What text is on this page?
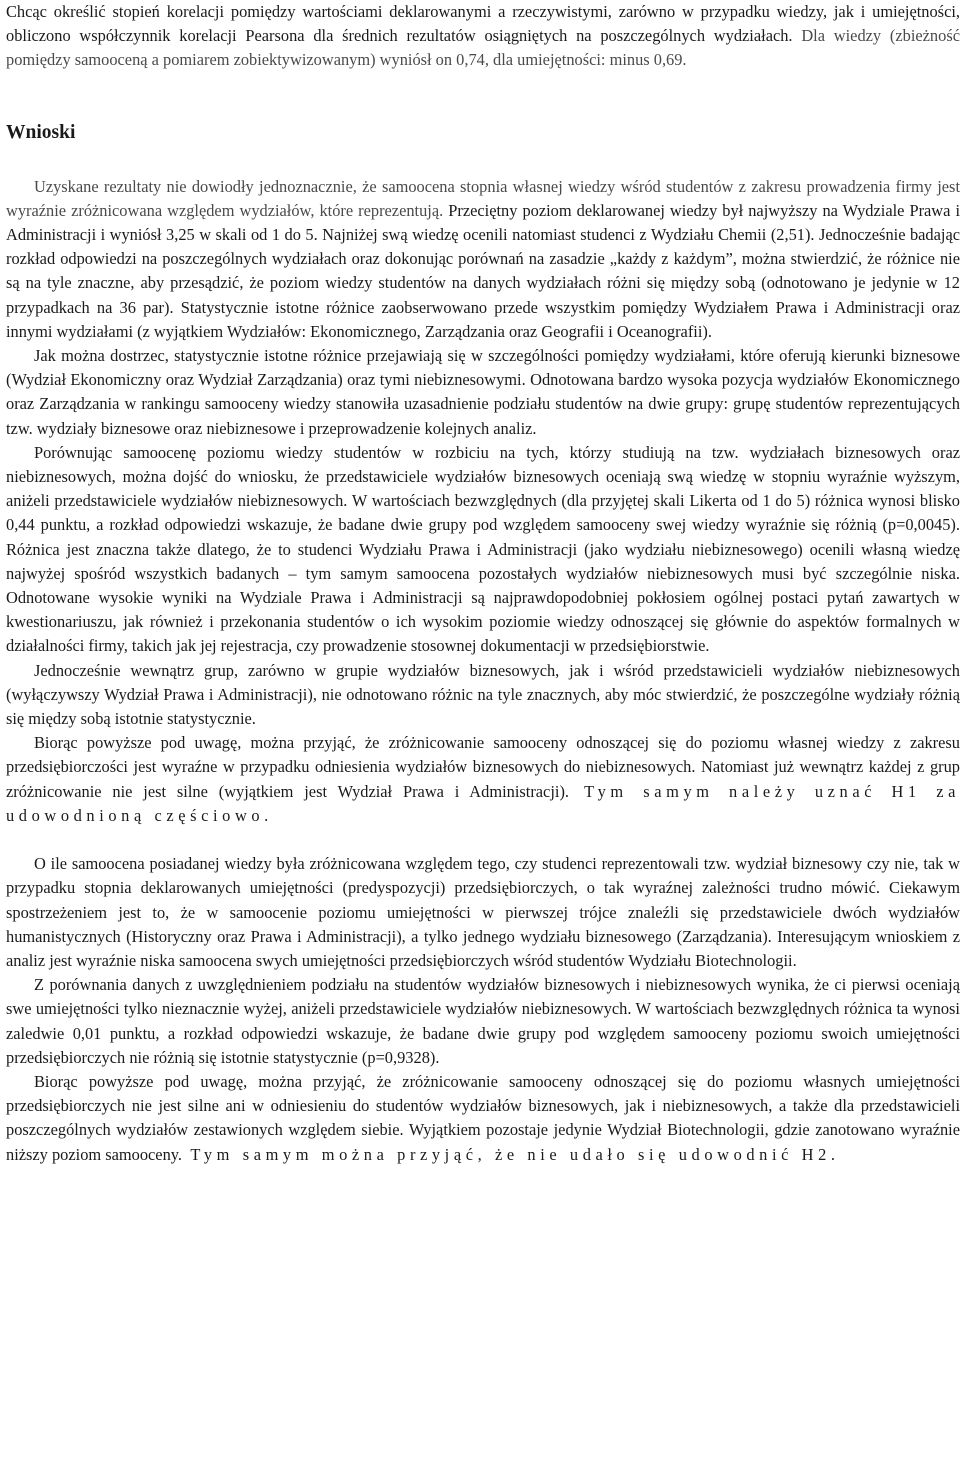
Chcąc określić stopień korelacji pomiędzy wartościami deklarowanymi a rzeczywistymi, zarówno w przypadku wiedzy, jak i umiejętności, obliczono współczynnik korelacji Pearsona dla średnich rezultatów osiągniętych na poszczególnych wydziałach. Dla wiedzy (zbieżność pomiędzy samooceną a pomiarem zobiektywizowanym) wyniósł on 0,74, dla umiejętności: minus 0,69.

Wnioski

Uzyskane rezultaty nie dowiodły jednoznacznie, że samoocena stopnia własnej wiedzy wśród studentów z zakresu prowadzenia firmy jest wyraźnie zróżnicowana względem wydziałów, które reprezentują. Przeciętny poziom deklarowanej wiedzy był najwyższy na Wydziale Prawa i Administracji i wyniósł 3,25 w skali od 1 do 5. Najniżej swą wiedzę ocenili natomiast studenci z Wydziału Chemii (2,51). Jednocześnie badając rozkład odpowiedzi na poszczególnych wydziałach oraz dokonując porównań na zasadzie „każdy z każdym”, można stwierdzić, że różnice nie są na tyle znaczne, aby przesądzić, że poziom wiedzy studentów na danych wydziałach różni się między sobą (odnotowano je jedynie w 12 przypadkach na 36 par). Statystycznie istotne różnice zaobserwowano przede wszystkim pomiędzy Wydziałem Prawa i Administracji oraz innymi wydziałami (z wyjątkiem Wydziałów: Ekonomicznego, Zarządzania oraz Geografii i Oceanografii).

Jak można dostrzec, statystycznie istotne różnice przejawiają się w szczególności pomiędzy wydziałami, które oferują kierunki biznesowe (Wydział Ekonomiczny oraz Wydział Zarządzania) oraz tymi niebiznesowymi. Odnotowana bardzo wysoka pozycja wydziałów Ekonomicznego oraz Zarządzania w rankingu samooceny wiedzy stanowiła uzasadnienie podziału studentów na dwie grupy: grupę studentów reprezentujących tzw. wydziały biznesowe oraz niebiznesowe i przeprowadzenie kolejnych analiz.

Porównując samoocenę poziomu wiedzy studentów w rozbiciu na tych, którzy studiują na tzw. wydziałach biznesowych oraz niebiznesowych, można dojść do wniosku, że przedstawiciele wydziałów biznesowych oceniają swą wiedzę w stopniu wyraźnie wyższym, aniżeli przedstawiciele wydziałów niebiznesowych. W wartościach bezwzględnych (dla przyjętej skali Likerta od 1 do 5) różnica wynosi blisko 0,44 punktu, a rozkład odpowiedzi wskazuje, że badane dwie grupy pod względem samooceny swej wiedzy wyraźnie się różnią (p=0,0045). Różnica jest znaczna także dlatego, że to studenci Wydziału Prawa i Administracji (jako wydziału niebiznesowego) ocenili własną wiedzę najwyżej spośród wszystkich badanych – tym samym samoocena pozostałych wydziałów niebiznesowych musi być szczególnie niska. Odnotowane wysokie wyniki na Wydziale Prawa i Administracji są najprawdopodobniej pokłosiem ogólnej postaci pytań zawartych w kwestionariuszu, jak również i przekonania studentów o ich wysokim poziomie wiedzy odnoszącej się głównie do aspektów formalnych w działalności firmy, takich jak jej rejestracja, czy prowadzenie stosownej dokumentacji w przedsiębiorstwie.

Jednocześnie wewnątrz grup, zarówno w grupie wydziałów biznesowych, jak i wśród przedstawicieli wydziałów niebiznesowych (wyłączywszy Wydział Prawa i Administracji), nie odnotowano różnic na tyle znacznych, aby móc stwierdzić, że poszczególne wydziały różnią się między sobą istotnie statystycznie.

Biorąc powyższe pod uwagę, można przyjąć, że zróżnicowanie samooceny odnoszącej się do poziomu własnej wiedzy z zakresu przedsiębiorczości jest wyraźne w przypadku odniesienia wydziałów biznesowych do niebiznesowych. Natomiast już wewnątrz każdej z grup zróżnicowanie nie jest silne (wyjątkiem jest Wydział Prawa i Administracji). Tym samym należy uznać H1 za udowodnioną częściowo.

O ile samoocena posiadanej wiedzy była zróżnicowana względem tego, czy studenci reprezentowali tzw. wydział biznesowy czy nie, tak w przypadku stopnia deklarowanych umiejętności (predyspozycji) przedsiębiorczych, o tak wyraźnej zależności trudno mówić. Ciekawym spostrzeżeniem jest to, że w samoocenie poziomu umiejętności w pierwszej trójce znaleźli się przedstawiciele dwóch wydziałów humanistycznych (Historyczny oraz Prawa i Administracji), a tylko jednego wydziału biznesowego (Zarządzania). Interesującym wnioskiem z analiz jest wyraźnie niska samoocena swych umiejętności przedsiębiorczych wśród studentów Wydziału Biotechnologii.

Z porównania danych z uwzględnieniem podziału na studentów wydziałów biznesowych i niebiznesowych wynika, że ci pierwsi oceniają swe umiejętności tylko nieznacznie wyżej, aniżeli przedstawiciele wydziałów niebiznesowych. W wartościach bezwzględnych różnica ta wynosi zaledwie 0,01 punktu, a rozkład odpowiedzi wskazuje, że badane dwie grupy pod względem samooceny poziomu swoich umiejętności przedsiębiorczych nie różnią się istotnie statystycznie (p=0,9328).

Biorąc powyższe pod uwagę, można przyjąć, że zróżnicowanie samooceny odnoszącej się do poziomu własnych umiejętności przedsiębiorczych nie jest silne ani w odniesieniu do studentów wydziałów biznesowych, jak i niebiznesowych, a także dla przedstawicieli poszczególnych wydziałów zestawionych względem siebie. Wyjątkiem pozostaje jedynie Wydział Biotechnologii, gdzie zanotowano wyraźnie niższy poziom samooceny. Tym samym można przyjąć, że nie udało się udowodnić H2.
